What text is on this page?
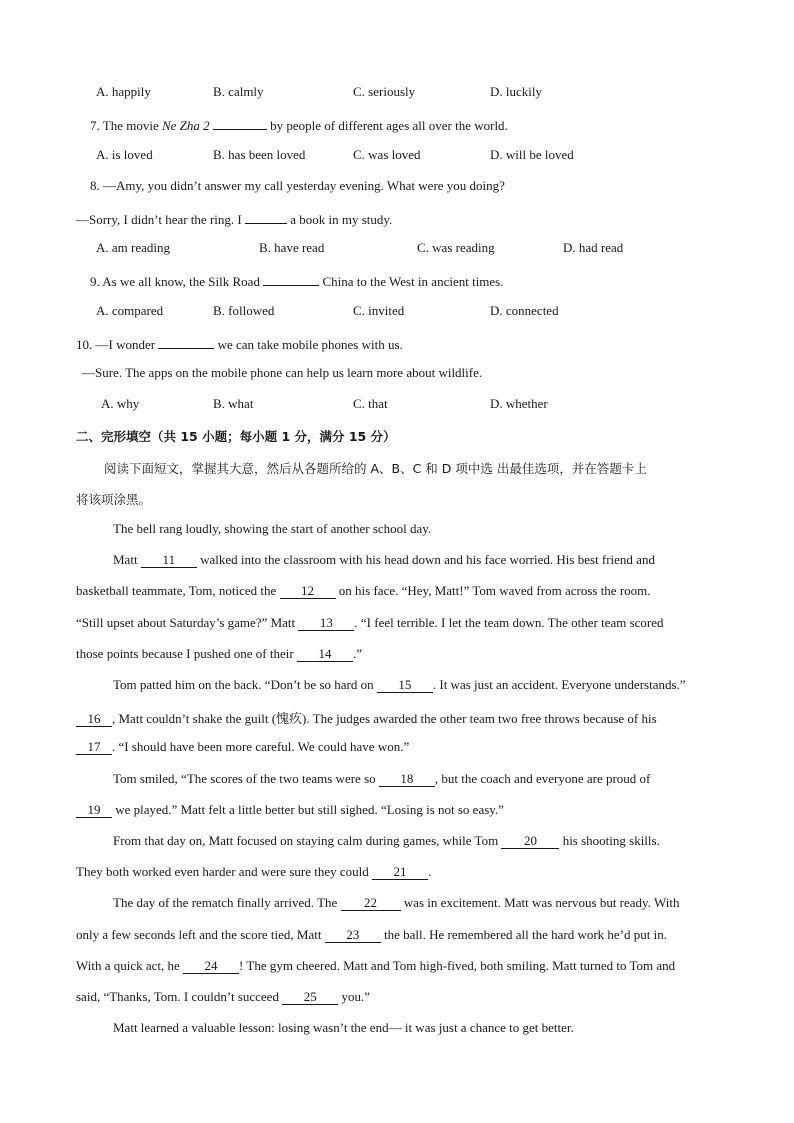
A. happily	B. calmly	C. seriously	D. luckily
7. The movie Ne Zha 2	by people of different ages all over the world.
A. is loved	B. has been loved	C. was loved	D. will be loved
8. —Amy, you didn’t answer my call yesterday evening. What were you doing?
—Sorry, I didn’t hear the ring. I	a book in my study.
A. am reading	B. have read	C. was reading	D. had read
9. As we all know, the Silk Road	China to the West in ancient times.
A. compared	B. followed	C. invited	D. connected
10. —I wonder	we can take mobile phones with us.
—Sure. The apps on the mobile phone can help us learn more about wildlife.
A. why	B. what	C. that	D. whether
二、完形填空（共 15 小题；每小题 1 分，满分 15 分）
阅读下面短文，掌握其大意，然后从各题所给的 A、B、C 和 D 项中选 出最佳选项，并在答题卡上
将该项涂黑。
The bell rang loudly, showing the start of another school day.
Matt 11 walked into the classroom with his head down and his face worried. His best friend and
basketball teammate, Tom, noticed the 12 on his face. “Hey, Matt!” Tom waved from across the room.
“Still upset about Saturday’s game?” Matt 13 . “I feel terrible. I let the team down. The other team scored
those points because I pushed one of their 14 .”
Tom patted him on the back. “Don’t be so hard on 15 . It was just an accident. Everyone understands.”
16 , Matt couldn’t shake the guilt (愧疚). The judges awarded the other team two free throws because of his
17 . “I should have been more careful. We could have won.”
Tom smiled, “The scores of the two teams were so 18 , but the coach and everyone are proud of
19 we played.” Matt felt a little better but still sighed. “Losing is not so easy.”
From that day on, Matt focused on staying calm during games, while Tom 20 his shooting skills.
They both worked even harder and were sure they could 21 .
The day of the rematch finally arrived. The 22 was in excitement. Matt was nervous but ready. With
only a few seconds left and the score tied, Matt 23 the ball. He remembered all the hard work he’d put in.
With a quick act, he 24 ! The gym cheered. Matt and Tom high-fived, both smiling. Matt turned to Tom and
said, “Thanks, Tom. I couldn’t succeed 25 you.”
Matt learned a valuable lesson: losing wasn’t the end— it was just a chance to get better.
